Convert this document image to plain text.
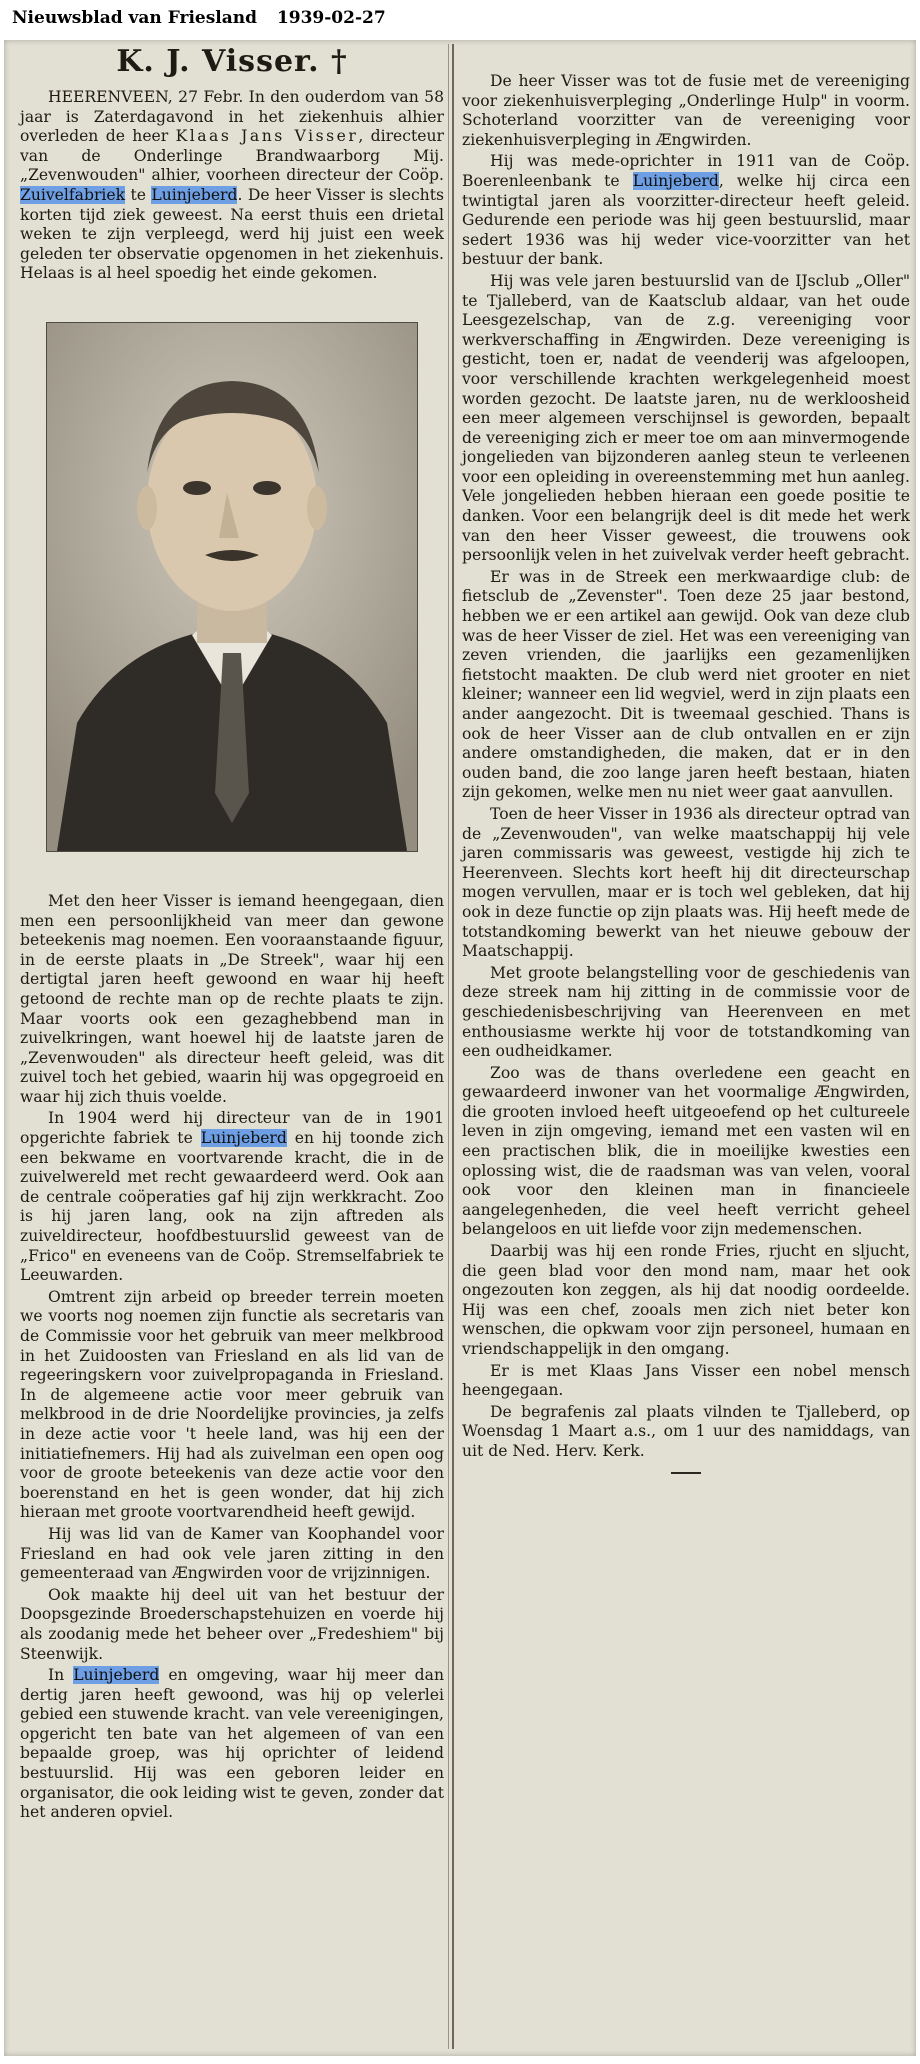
Nieuwsblad van Friesland 1939-02-27
K. J. Visser. †

HEERENVEEN, 27 Febr. In den ouderdom van 58 jaar is Zaterdagavond in het ziekenhuis alhier overleden de heer Klaas Jans Visser, directeur van de Onderlinge Brandwaarborg Mij. „Zevenwouden" alhier, voorheen directeur der Coöp. Zuivelfabriek te Luinjeberd. De heer Visser is slechts korten tijd ziek geweest. Na eerst thuis een drietal weken te zijn verpleegd, werd hij juist een week geleden ter observatie opgenomen in het ziekenhuis. Helaas is al heel spoedig het einde gekomen.

Met den heer Visser is iemand heengegaan, dien men een persoonlijkheid van meer dan gewone beteekenis mag noemen. Een vooraanstaande figuur, in de eerste plaats in „De Streek", waar hij een dertigtal jaren heeft gewoond en waar hij heeft getoond de rechte man op de rechte plaats te zijn. Maar voorts ook een gezaghebbend man in zuivelkringen, want hoewel hij de laatste jaren de „Zevenwouden" als directeur heeft geleid, was dit zuivel toch het gebied, waarin hij was opgegroeid en waar hij zich thuis voelde.

In 1904 werd hij directeur van de in 1901 opgerichte fabriek te Luinjeberd en hij toonde zich een bekwame en voortvarende kracht, die in de zuivelwereld met recht gewaardeerd werd. Ook aan de centrale coöperaties gaf hij zijn werkkracht. Zoo is hij jaren lang, ook na zijn aftreden als zuiveldirecteur, hoofdbestuurslid geweest van de „Frico" en eveneens van de Coöp. Stremselfabriek te Leeuwarden.

Omtrent zijn arbeid op breeder terrein moeten we voorts nog noemen zijn functie als secretaris van de Commissie voor het gebruik van meer melkbrood in het Zuidoosten van Friesland en als lid van de regeeringskern voor zuivelpropaganda in Friesland. In de algemeene actie voor meer gebruik van melkbrood in de drie Noordelijke provincies, ja zelfs in deze actie voor 't heele land, was hij een der initiatiefnemers. Hij had als zuivelman een open oog voor de groote beteekenis van deze actie voor den boerenstand en het is geen wonder, dat hij zich hieraan met groote voortvarendheid heeft gewijd.

Hij was lid van de Kamer van Koophandel voor Friesland en had ook vele jaren zitting in den gemeenteraad van Ængwirden voor de vrijzinnigen.

Ook maakte hij deel uit van het bestuur der Doopsgezinde Broederschapstehuizen en voerde hij als zoodanig mede het beheer over „Fredeshiem" bij Steenwijk.

In Luinjeberd en omgeving, waar hij meer dan dertig jaren heeft gewoond, was hij op velerlei gebied een stuwende kracht. van vele vereenigingen, opgericht ten bate van het algemeen of van een bepaalde groep, was hij oprichter of leidend bestuurslid. Hij was een geboren leider en organisator, die ook leiding wist te geven, zonder dat het anderen opviel.

De heer Visser was tot de fusie met de vereeniging voor ziekenhuisverpleging „Onderlinge Hulp" in voorm. Schoterland voorzitter van de vereeniging voor ziekenhuisverpleging in Ængwirden.

Hij was mede-oprichter in 1911 van de Coöp. Boerenleenbank te Luinjeberd, welke hij circa een twintigtal jaren als voorzitter-directeur heeft geleid. Gedurende een periode was hij geen bestuurslid, maar sedert 1936 was hij weder vice-voorzitter van het bestuur der bank.

Hij was vele jaren bestuurslid van de IJsclub „Oller" te Tjalleberd, van de Kaatsclub aldaar, van het oude Leesgezelschap, van de z.g. vereeniging voor werkverschaffing in Ængwirden. Deze vereeniging is gesticht, toen er, nadat de veenderij was afgeloopen, voor verschillende krachten werkgelegenheid moest worden gezocht. De laatste jaren, nu de werkloosheid een meer algemeen verschijnsel is geworden, bepaalt de vereeniging zich er meer toe om aan minvermogende jongelieden van bijzonderen aanleg steun te verleenen voor een opleiding in overeenstemming met hun aanleg. Vele jongelieden hebben hieraan een goede positie te danken. Voor een belangrijk deel is dit mede het werk van den heer Visser geweest, die trouwens ook persoonlijk velen in het zuivelvak verder heeft gebracht.

Er was in de Streek een merkwaardige club: de fietsclub de „Zevenster". Toen deze 25 jaar bestond, hebben we er een artikel aan gewijd. Ook van deze club was de heer Visser de ziel. Het was een vereeniging van zeven vrienden, die jaarlijks een gezamenlijken fietstocht maakten. De club werd niet grooter en niet kleiner; wanneer een lid wegviel, werd in zijn plaats een ander aangezocht. Dit is tweemaal geschied. Thans is ook de heer Visser aan de club ontvallen en er zijn andere omstandigheden, die maken, dat er in den ouden band, die zoo lange jaren heeft bestaan, hiaten zijn gekomen, welke men nu niet weer gaat aanvullen.

Toen de heer Visser in 1936 als directeur optrad van de „Zevenwouden", van welke maatschappij hij vele jaren commissaris was geweest, vestigde hij zich te Heerenveen. Slechts kort heeft hij dit directeurschap mogen vervullen, maar er is toch wel gebleken, dat hij ook in deze functie op zijn plaats was. Hij heeft mede de totstandkoming bewerkt van het nieuwe gebouw der Maatschappij.

Met groote belangstelling voor de geschiedenis van deze streek nam hij zitting in de commissie voor de geschiedenisbeschrijving van Heerenveen en met enthousiasme werkte hij voor de totstandkoming van een oudheidkamer.

Zoo was de thans overledene een geacht en gewaardeerd inwoner van het voormalige Ængwirden, die grooten invloed heeft uitgeoefend op het cultureele leven in zijn omgeving, iemand met een vasten wil en een practischen blik, die in moeilijke kwesties een oplossing wist, die de raadsman was van velen, vooral ook voor den kleinen man in financieele aangelegenheden, die veel heeft verricht geheel belangeloos en uit liefde voor zijn medemenschen.

Daarbij was hij een ronde Fries, rjucht en sljucht, die geen blad voor den mond nam, maar het ook ongezouten kon zeggen, als hij dat noodig oordeelde. Hij was een chef, zooals men zich niet beter kon wenschen, die opkwam voor zijn personeel, humaan en vriendschappelijk in den omgang.

Er is met Klaas Jans Visser een nobel mensch heengegaan.

De begrafenis zal plaats vilnden te Tjalleberd, op Woensdag 1 Maart a.s., om 1 uur des namiddags, van uit de Ned. Herv. Kerk.
